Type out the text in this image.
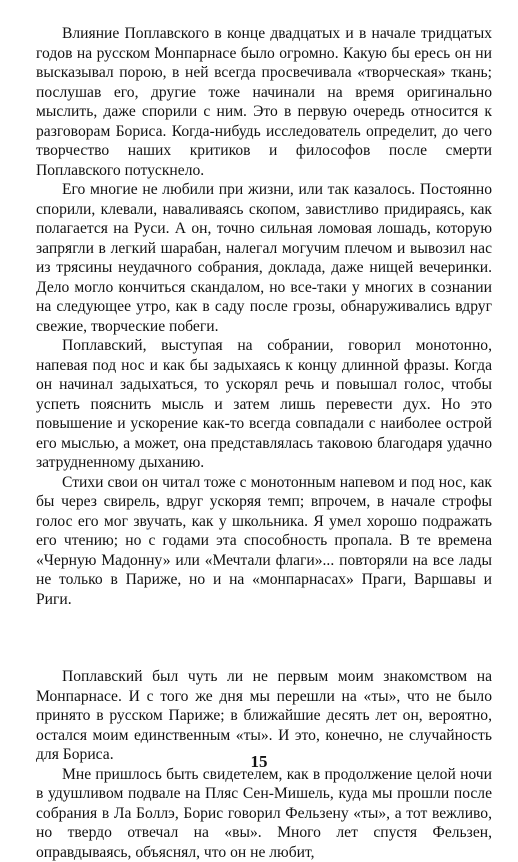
Влияние Поплавского в конце двадцатых и в начале тридцатых годов на русском Монпарнасе было огромно. Какую бы ересь он ни высказывал порою, в ней всегда просвечивала «творческая» ткань; послушав его, другие тоже начинали на время оригинально мыслить, даже спорили с ним. Это в первую очередь относится к разговорам Бориса. Когда-нибудь исследователь определит, до чего творчество наших критиков и философов после смерти Поплавского потускнело.

Его многие не любили при жизни, или так казалось. Постоянно спорили, клевали, наваливаясь скопом, завистливо придираясь, как полагается на Руси. А он, точно сильная ломовая лошадь, которую запрягли в легкий шарабан, налегал могучим плечом и вывозил нас из трясины неудачного собрания, доклада, даже нищей вечеринки. Дело могло кончиться скандалом, но все-таки у многих в сознании на следующее утро, как в саду после грозы, обнаруживались вдруг свежие, творческие побеги.

Поплавский, выступая на собрании, говорил монотонно, напевая под нос и как бы задыхаясь к концу длинной фразы. Когда он начинал задыхаться, то ускорял речь и повышал голос, чтобы успеть пояснить мысль и затем лишь перевести дух. Но это повышение и ускорение как-то всегда совпадали с наиболее острой его мыслью, а может, она представлялась таковою благодаря удачно затрудненному дыханию.

Стихи свои он читал тоже с монотонным напевом и под нос, как бы через свирель, вдруг ускоряя темп; впрочем, в начале строфы голос его мог звучать, как у школьника. Я умел хорошо подражать его чтению; но с годами эта способность пропала. В те времена «Черную Мадонну» или «Мечтали флаги»... повторяли на все лады не только в Париже, но и на «монпарнасах» Праги, Варшавы и Риги.

Поплавский был чуть ли не первым моим знакомством на Монпарнасе. И с того же дня мы перешли на «ты», что не было принято в русском Париже; в ближайшие десять лет он, вероятно, остался моим единственным «ты». И это, конечно, не случайность для Бориса.

Мне пришлось быть свидетелем, как в продолжение целой ночи в удушливом подвале на Пляс Сен-Мишель, куда мы прошли после собрания в Ла Боллэ, Борис говорил Фельзену «ты», а тот вежливо, но твердо отвечал на «вы». Много лет спустя Фельзен, оправдываясь, объяснял, что он не любит,

15
